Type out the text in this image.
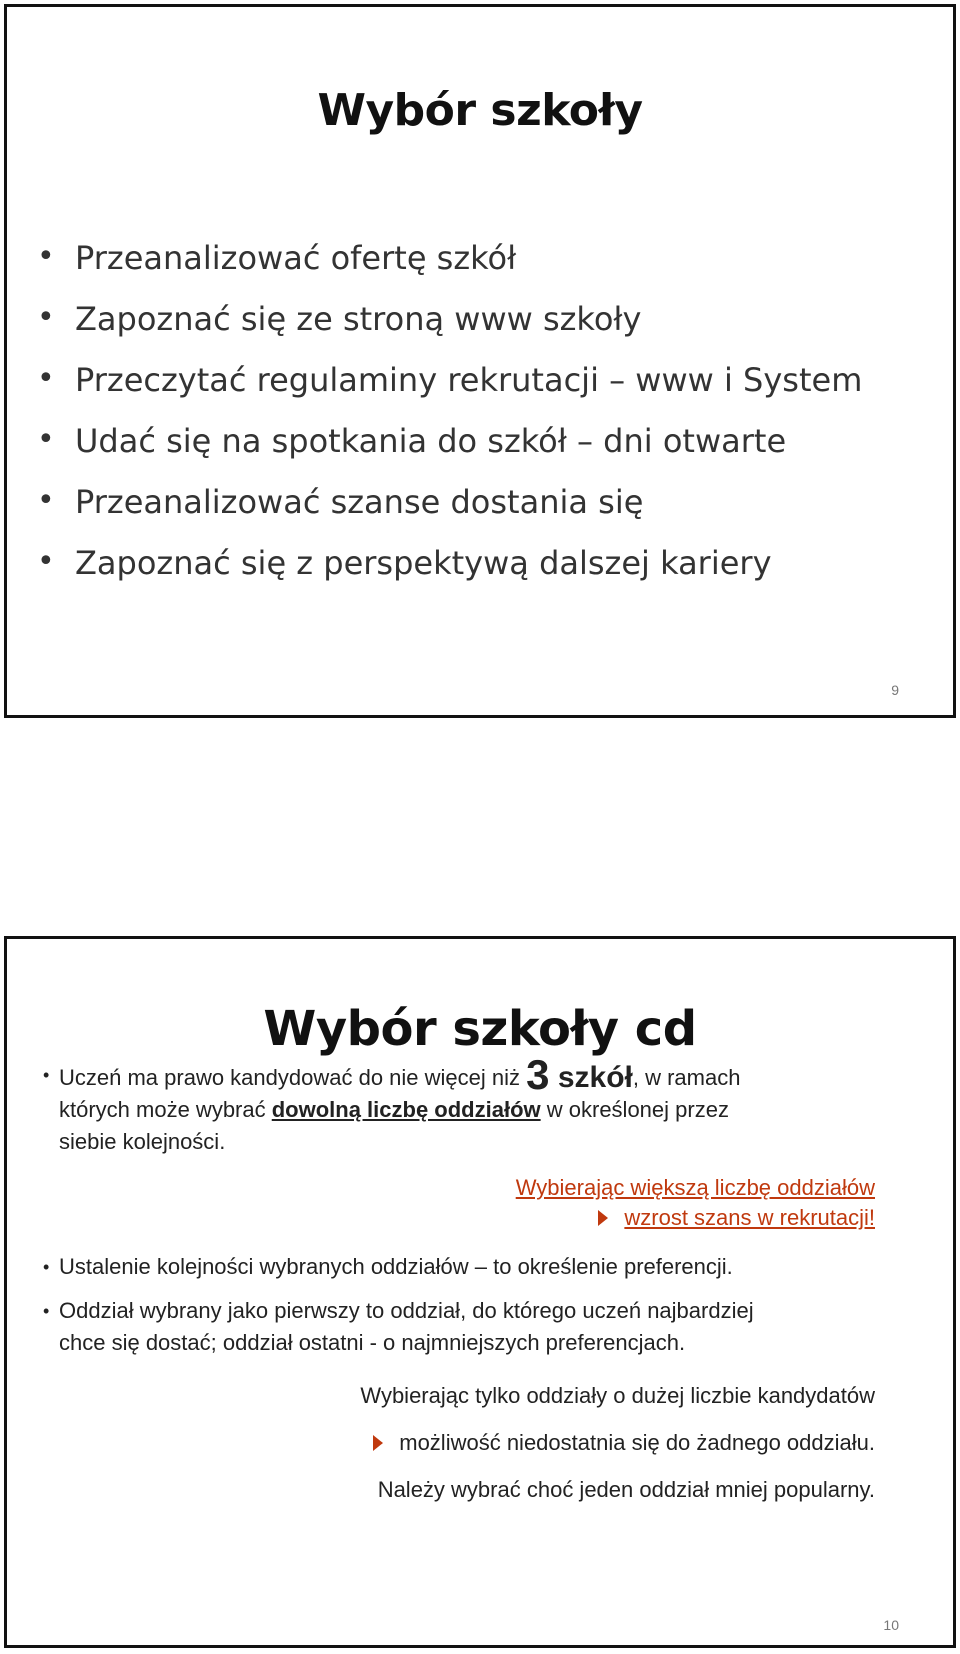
Wybór szkoły
• Przeanalizować ofertę szkół
• Zapoznać się ze stroną www szkoły
• Przeczytać regulaminy rekrutacji – www i System
• Udać się na spotkania do szkół – dni otwarte
• Przeanalizować szanse dostania się
• Zapoznać się z perspektywą dalszej kariery
9
Wybór szkoły cd
• Uczeń ma prawo kandydować do nie więcej niż 3 szkół, w ramach
których może wybrać dowolną liczbę oddziałów w określonej przez
siebie kolejności.
Wybierając większą liczbę oddziałów
wzrost szans w rekrutacji!
• Ustalenie kolejności wybranych oddziałów – to określenie preferencji.
• Oddział wybrany jako pierwszy to oddział, do którego uczeń najbardziej
chce się dostać; oddział ostatni - o najmniejszych preferencjach.
Wybierając tylko oddziały o dużej liczbie kandydatów
możliwość niedostatnia się do żadnego oddziału.
Należy wybrać choć jeden oddział mniej popularny.
10
